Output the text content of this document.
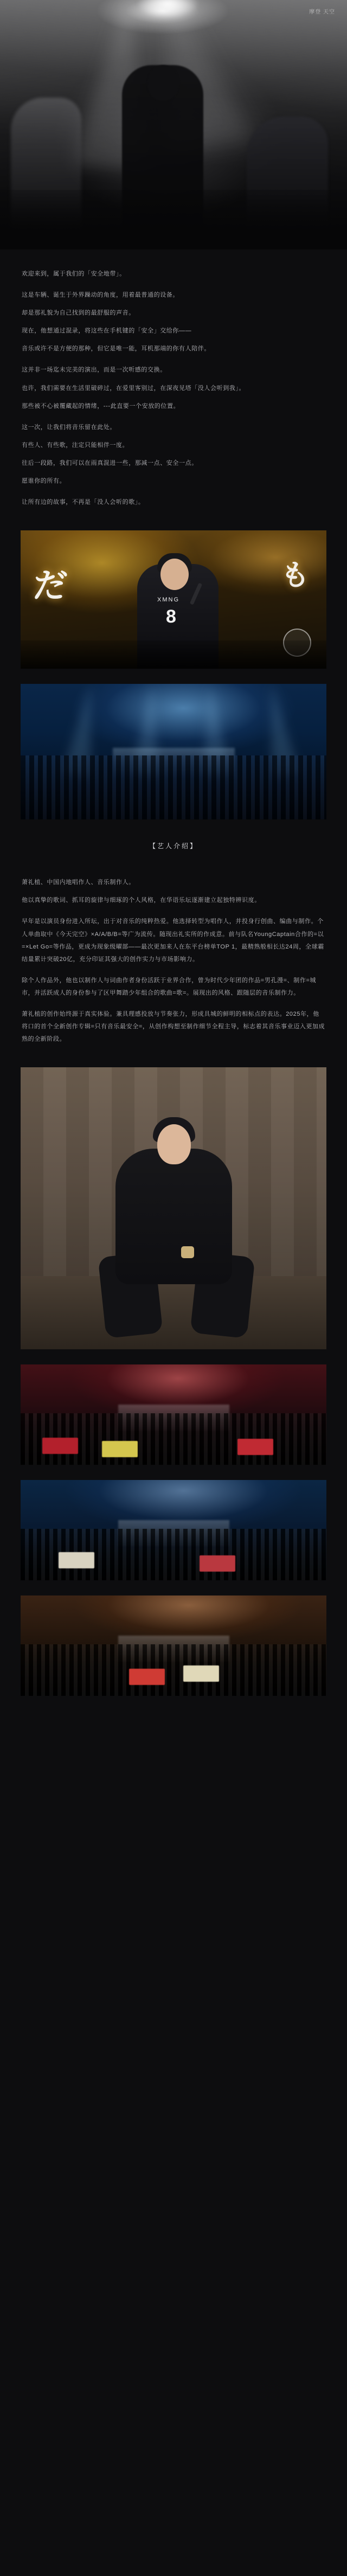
摩登 天空

欢迎来到，属于我们的「安全地带」。

这是车辆、诞生于外界躁动的角度，用着最普通的设备。

却是那礼貌为自己找到的最舒服的声音。

现在，他想通过混录，将这些在手机键的「安全」交给你——

音乐或许不是方便的那种，但它是唯一能，耳机那端的你有人陪伴。

这并非一场迄未完美的演出，而是一次听感的交换。

也许，我们需要在生活里破碎过，在爱里客别过，在深夜见塔「没人会听到我」。

那些被不心被覆藏起的情绪，---此直要一个安放的位置。

这一次，让我们将音乐留在此处。

有些人、有些歌，注定只能相伴一度。

往后一段路，我们可以在雨真混进一些，那减一点、安全一点。

愿谁你的所有。

让所有边的故事，不再是「没人会听的歌」。

だ	も
XMNG
8
【艺人介绍】

萧礼植、中国内地唱作人、音乐制作人。

他以真挚的歌词、抓耳的旋律与细琢的个人风格，在华语乐坛逐渐建立起独特辨识度。

早年是以演员身份进入所坛，出于对音乐的纯粹热爱。他选择转型为唱作人，并投身行创曲、编曲与制作。个人单曲取中《今天完空》×A/A/B/B=等广为流传。随现出礼实所的作成意。前与队名YoungCaptain合作的=以=×Let Go=等作品，更成为现象级曜部——最次更加来人在东平台榜单TOP 1，最精熟般相长达24周，全球霸结量累计突破20亿，充分印证其强大的创作实力与市场影响力。

除个人作品外，他也以制作人与词曲作者身份活跃于业界合作，曾为时代少年团的作品=男孔漫=、制作=城市，并活跃成人的身份参与了区甲舞踏少年组合的歌曲=歌=。展现出的风格、跟随层的音乐制作力。

萧礼植的创作始终源于真实体验。兼具理感投放与节奏张力，形成具城的鲜明的相标点的表达。2025年，他将口的首个全新创作专辑=只有音乐最安全=，从创作构想至制作细节全程主导，标志着其音乐事业迈入更加成熟的全新阶段。
